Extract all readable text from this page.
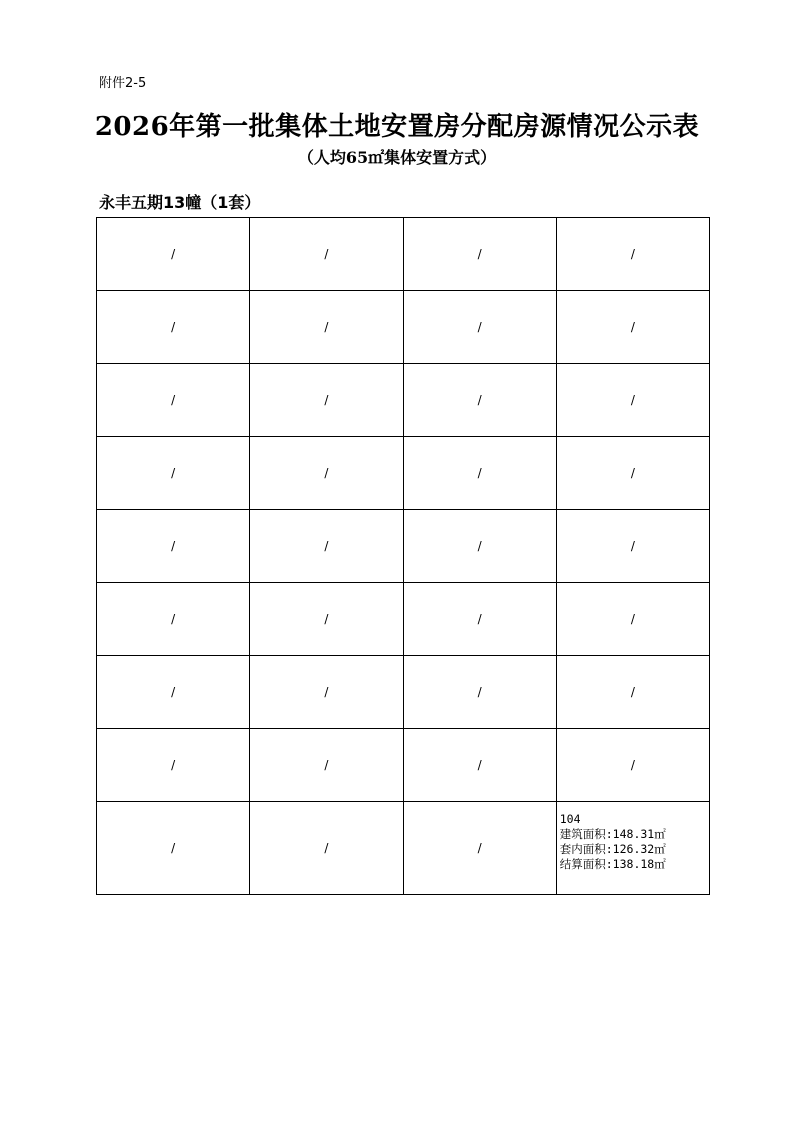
附件2-5
2026年第一批集体土地安置房分配房源情况公示表
（人均65㎡集体安置方式）
永丰五期13幢（1套）
/	/	/	/
/	/	/	/
/	/	/	/
/	/	/	/
/	/	/	/
/	/	/	/
/	/	/	/
/	/	/	/
/	/	/	104
建筑面积:148.31㎡
套内面积:126.32㎡
结算面积:138.18㎡
